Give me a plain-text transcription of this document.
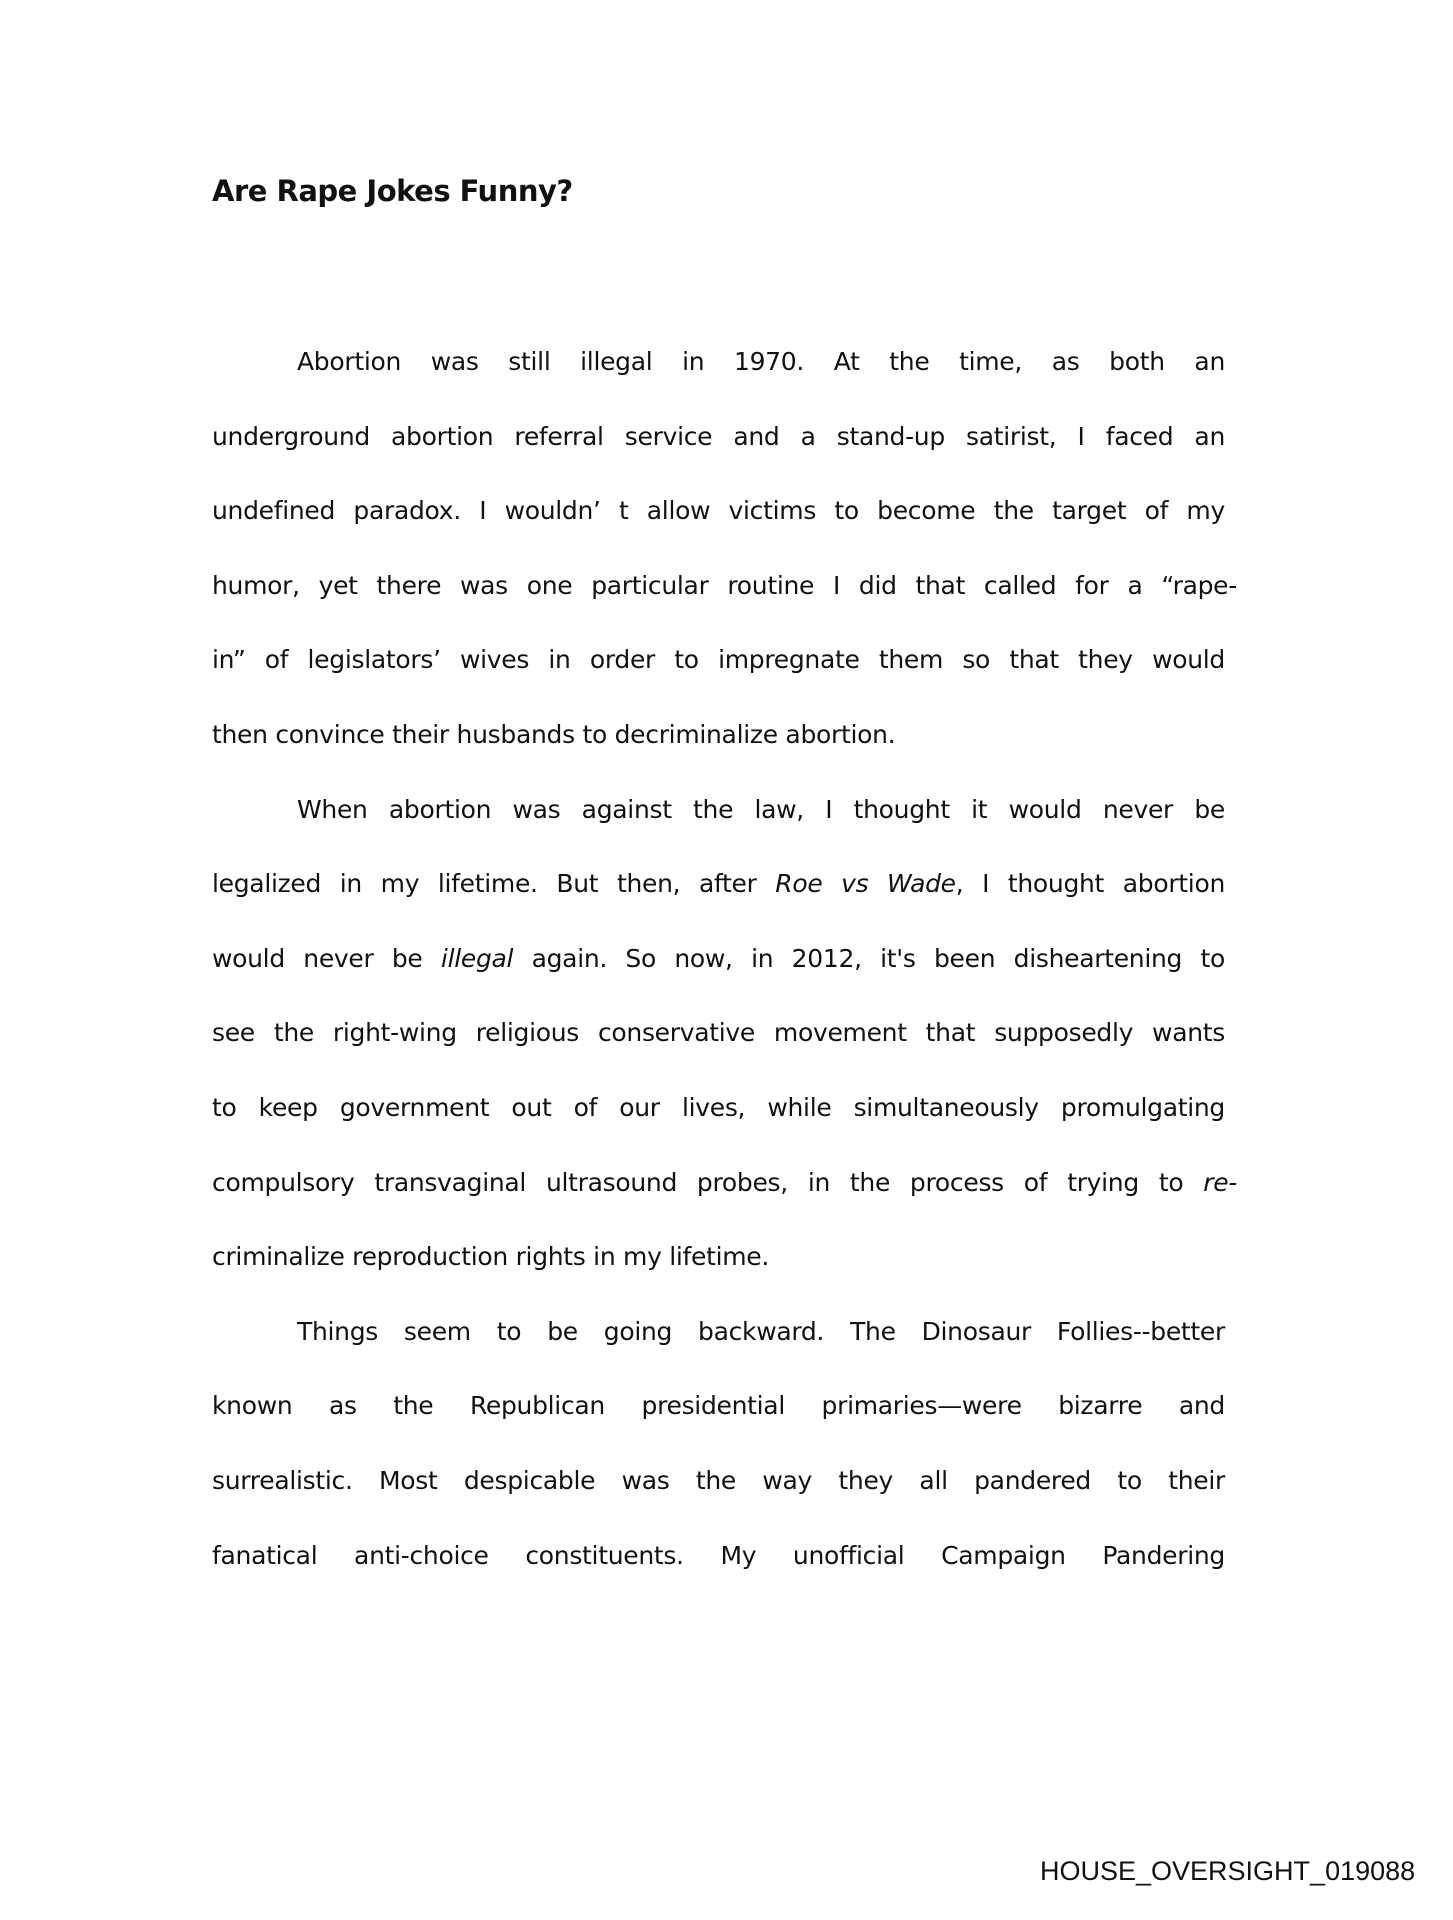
Are Rape Jokes Funny?
Abortion was still illegal in 1970. At the time, as both an
underground abortion referral service and a stand-up satirist, I faced an
undefined paradox. I wouldn’ t allow victims to become the target of my
humor, yet there was one particular routine I did that called for a “rape-
in” of legislators’ wives in order to impregnate them so that they would
then convince their husbands to decriminalize abortion.
When abortion was against the law, I thought it would never be
legalized in my lifetime. But then, after Roe vs Wade, I thought abortion
would never be illegal again. So now, in 2012, it's been disheartening to
see the right-wing religious conservative movement that supposedly wants
to keep government out of our lives, while simultaneously promulgating
compulsory transvaginal ultrasound probes, in the process of trying to re-
criminalize reproduction rights in my lifetime.
Things seem to be going backward. The Dinosaur Follies--better
known as the Republican presidential primaries—were bizarre and
surrealistic. Most despicable was the way they all pandered to their
fanatical anti-choice constituents. My unofficial Campaign Pandering
HOUSE_OVERSIGHT_019088
